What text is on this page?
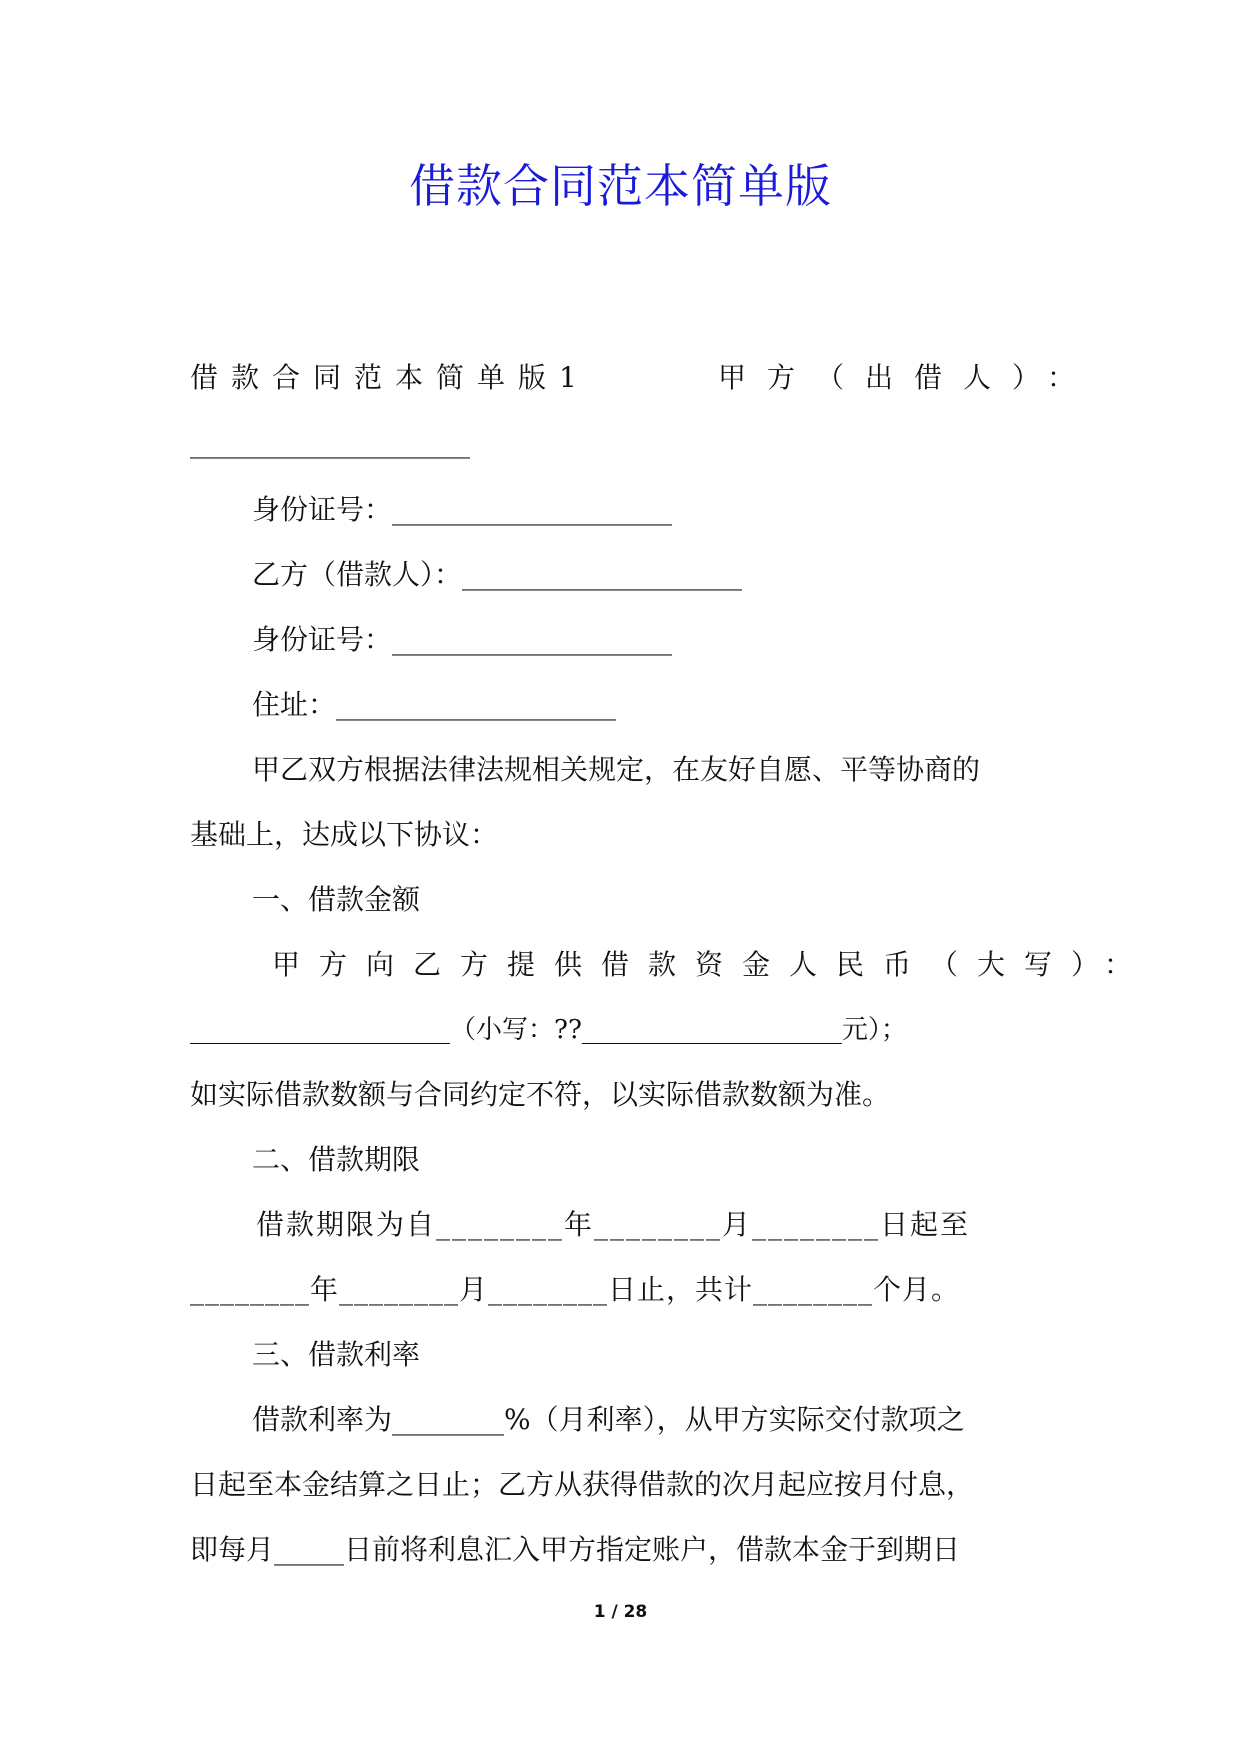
借款合同范本简单版
借款合同范本简单版1	甲方（出借人）：
____________________
身份证号：____________________
乙方（借款人）：____________________
身份证号：____________________
住址：____________________
甲乙双方根据法律法规相关规定，在友好自愿、平等协商的
基础上，达成以下协议：
一、借款金额
甲方向乙方提供借款资金人民币（大写）：
____________________（小写：??____________________元）；
如实际借款数额与合同约定不符，以实际借款数额为准。
二、借款期限
借款期限为自________年________月________日起至
________年________月________日止，共计________个月。
三、借款利率
借款利率为________%（月利率），从甲方实际交付款项之
日起至本金结算之日止；乙方从获得借款的次月起应按月付息，
即每月_____日前将利息汇入甲方指定账户，借款本金于到期日
1 / 28
